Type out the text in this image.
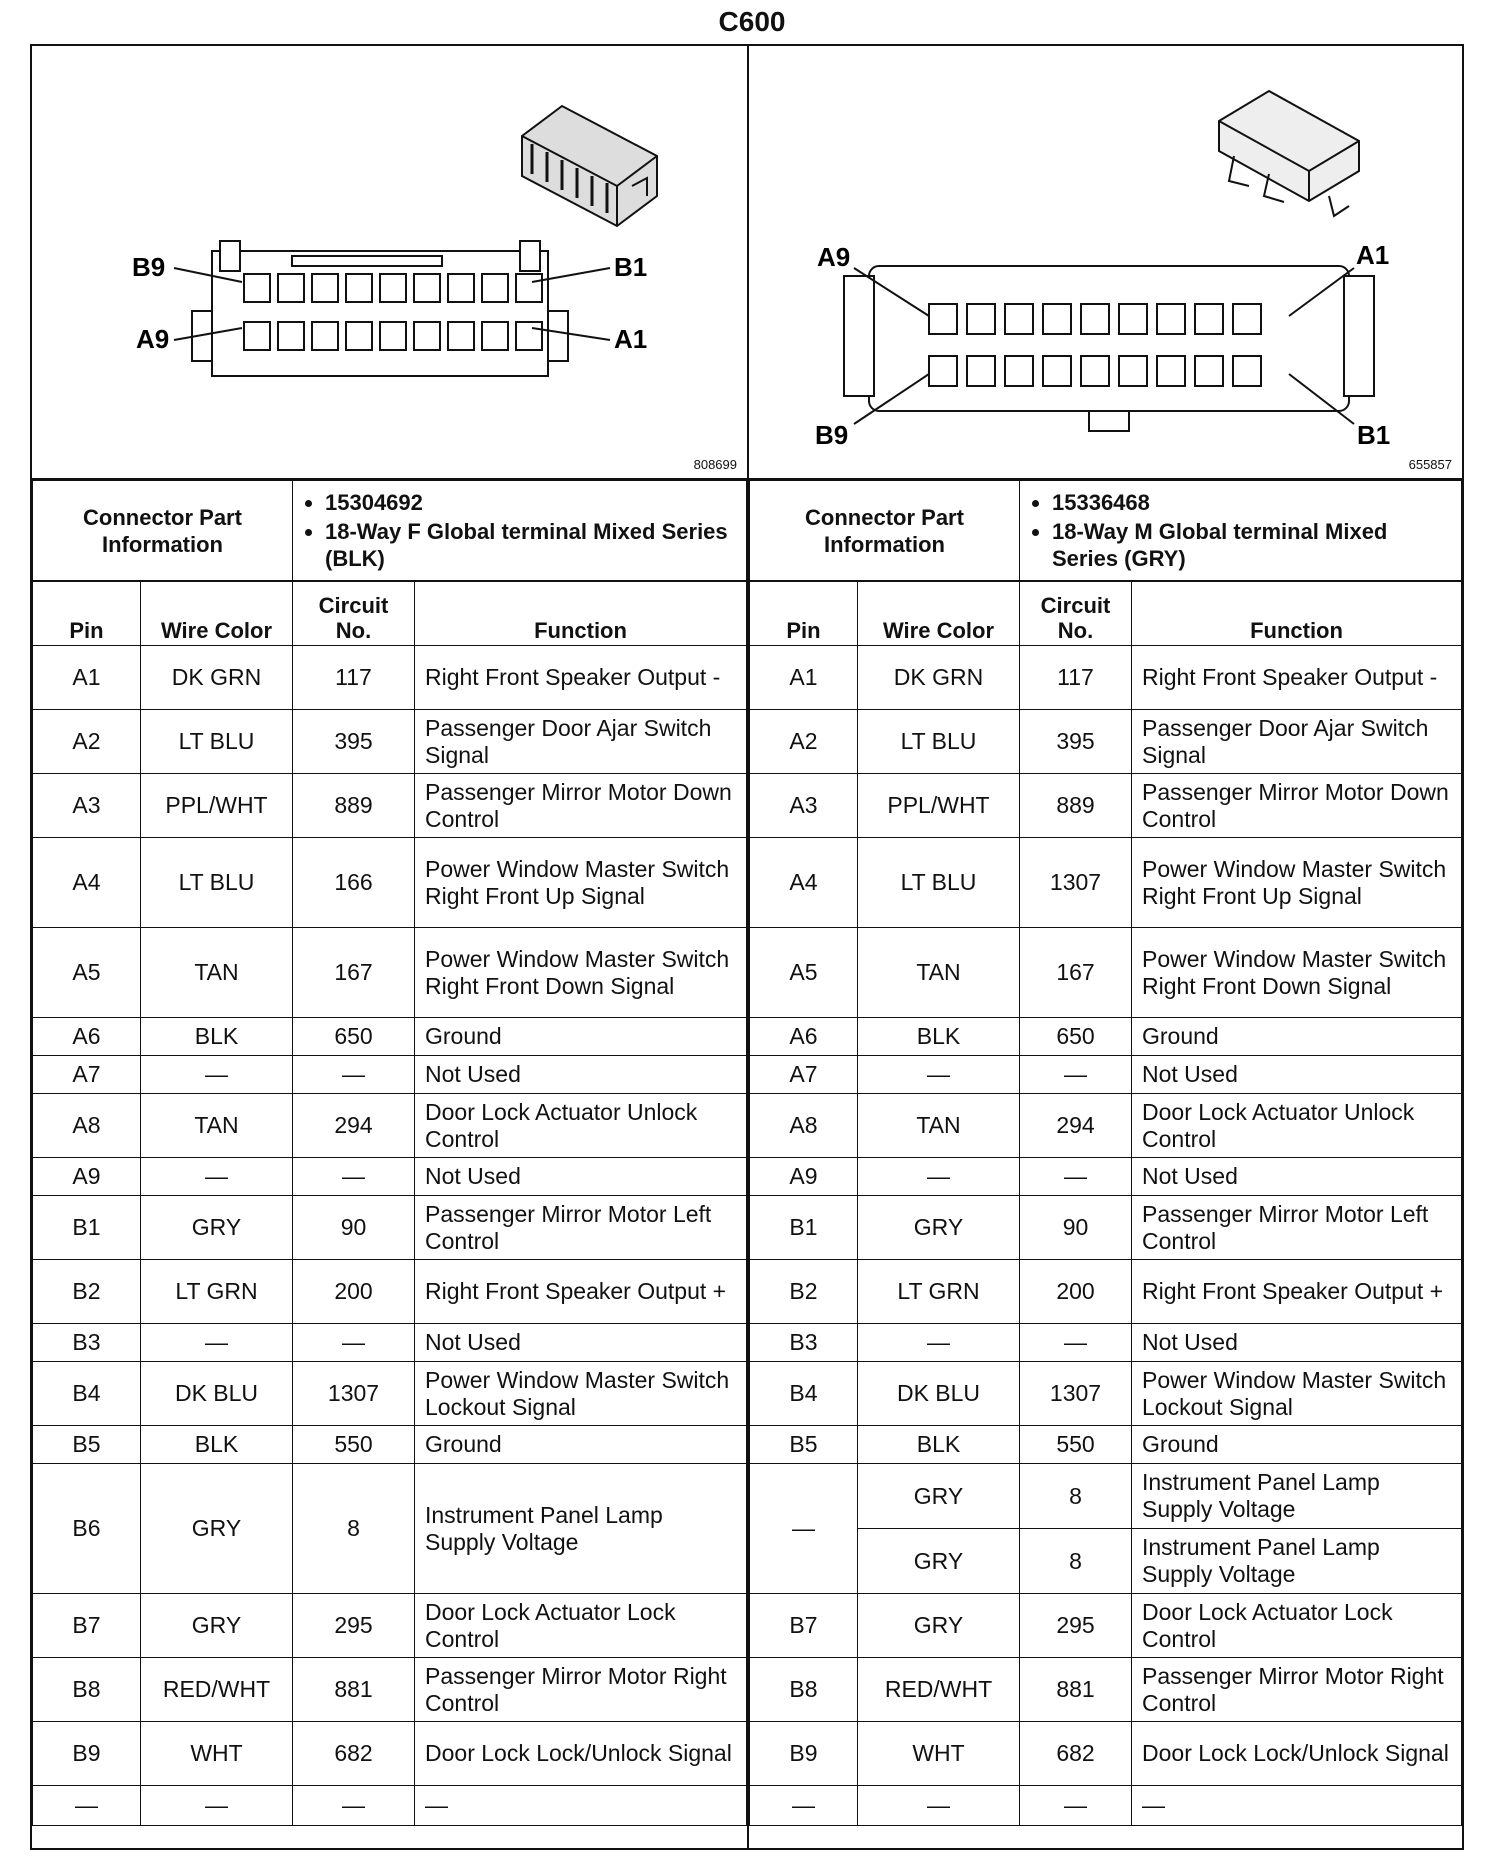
C600
B9
A9
B1
A1
808699
Connector Part Information	
• 15304692
• 18-Way F Global terminal Mixed Series (BLK)
Pin	Wire Color	Circuit No.	Function
A1	DK GRN	117	Right Front Speaker Output -
A2	LT BLU	395	Passenger Door Ajar Switch Signal
A3	PPL/WHT	889	Passenger Mirror Motor Down Control
A4	LT BLU	166	Power Window Master Switch Right Front Up Signal
A5	TAN	167	Power Window Master Switch Right Front Down Signal
A6	BLK	650	Ground
A7	—	—	Not Used
A8	TAN	294	Door Lock Actuator Unlock Control
A9	—	—	Not Used
B1	GRY	90	Passenger Mirror Motor Left Control
B2	LT GRN	200	Right Front Speaker Output +
B3	—	—	Not Used
B4	DK BLU	1307	Power Window Master Switch Lockout Signal
B5	BLK	550	Ground
B6	GRY	8	Instrument Panel Lamp Supply Voltage
B7	GRY	295	Door Lock Actuator Lock Control
B8	RED/WHT	881	Passenger Mirror Motor Right Control
B9	WHT	682	Door Lock Lock/Unlock Signal
—	—	—	—
A9
B9
A1
B1
655857
Connector Part Information	
• 15336468
• 18-Way M Global terminal Mixed Series (GRY)
Pin	Wire Color	Circuit No.	Function
A1	DK GRN	117	Right Front Speaker Output -
A2	LT BLU	395	Passenger Door Ajar Switch Signal
A3	PPL/WHT	889	Passenger Mirror Motor Down Control
A4	LT BLU	1307	Power Window Master Switch Right Front Up Signal
A5	TAN	167	Power Window Master Switch Right Front Down Signal
A6	BLK	650	Ground
A7	—	—	Not Used
A8	TAN	294	Door Lock Actuator Unlock Control
A9	—	—	Not Used
B1	GRY	90	Passenger Mirror Motor Left Control
B2	LT GRN	200	Right Front Speaker Output +
B3	—	—	Not Used
B4	DK BLU	1307	Power Window Master Switch Lockout Signal
B5	BLK	550	Ground
—	GRY	8	Instrument Panel Lamp Supply Voltage
	GRY	8	Instrument Panel Lamp Supply Voltage
B7	GRY	295	Door Lock Actuator Lock Control
B8	RED/WHT	881	Passenger Mirror Motor Right Control
B9	WHT	682	Door Lock Lock/Unlock Signal
—	—	—	—
